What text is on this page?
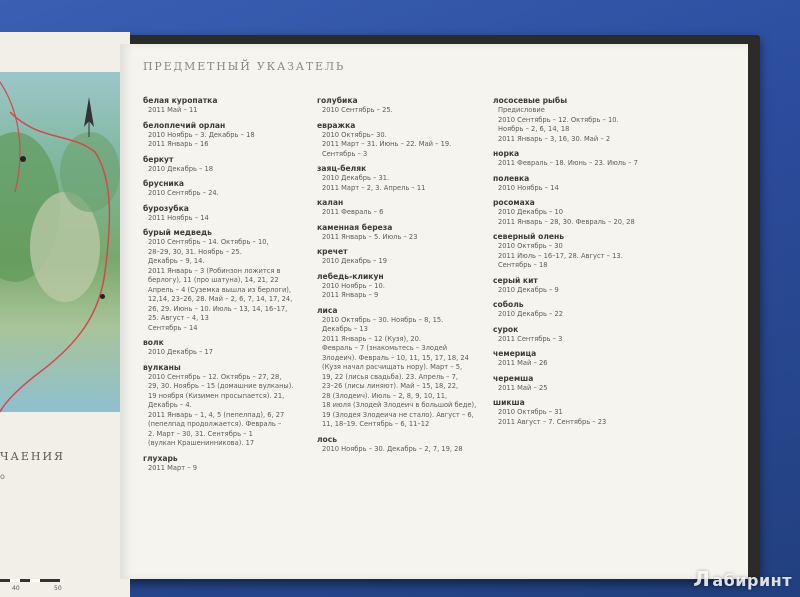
ЧАЕНИЯ
о
40	50
ПРЕДМЕТНЫЙ УКАЗАТЕЛЬ
белая куропатка
2011 Май – 11
белоплечий орлан
2010 Ноябрь – 3. Декабрь – 18
2011 Январь – 16
беркут
2010 Декабрь – 18
брусника
2010 Сентябрь – 24.
бурозубка
2011 Ноябрь – 14
бурый медведь
2010 Сентябрь – 14. Октябрь – 10,
28–29, 30, 31. Ноябрь – 25.
Декабрь – 9, 14.
2011 Январь – 3 (Робинзон ложится в
берлогу), 11 (про шатуна), 14, 21, 22
Апрель – 4 (Суземка вышла из берлоги),
12,14, 23–26, 28. Май – 2, 6, 7, 14, 17, 24,
26, 29. Июнь – 10. Июль – 13, 14, 16–17,
25. Август – 4, 13
Сентябрь – 14
волк
2010 Декабрь – 17
вулканы
2010 Сентябрь – 12. Октябрь – 27, 28,
29, 30. Ноябрь – 15 (домашние вулканы).
19 ноября (Кизимен просыпается). 21,
Декабрь – 4.
2011 Январь – 1, 4, 5 (пепелпад), 6, 27
(пепелпад продолжается). Февраль –
2. Март – 30, 31. Сентябрь – 1
(вулкан Крашенинникова). 17
глухарь
2011 Март – 9
голубика
2010 Сентябрь – 25.
евражка
2010 Октябрь– 30.
2011 Март – 31. Июнь – 22. Май – 19.
Сентябрь – 3
заяц-беляк
2010 Декабрь – 31.
2011 Март – 2, 3. Апрель – 11
калан
2011 Февраль – 6
каменная береза
2011 Январь – 5. Июль – 23
кречет
2010 Декабрь – 19
лебедь-кликун
2010 Ноябрь – 10.
2011 Январь – 9
лиса
2010 Октябрь – 30. Ноябрь – 8, 15.
Декабрь – 13
2011 Январь – 12 (Кузя), 20.
Февраль – 7 (знакомьтесь – Злодей
Злодеич). Февраль – 10, 11, 15, 17, 18, 24
(Кузя начал расчищать нору). Март – 5,
19, 22 (лисья свадьба). 23. Апрель – 7,
23–26 (лисы линяют). Май – 15, 18, 22,
28 (Злодеич). Июль – 2, 8, 9, 10, 11,
18 июля (Злодей Злодеич в большой беде),
19 (Злодея Злодеича не стало). Август – 6,
11, 18–19. Сентябрь – 6, 11–12
лось
2010 Ноябрь – 30. Декабрь – 2, 7, 19, 28
лососевые рыбы
Предисловие
2010 Сентябрь – 12. Октябрь – 10.
Ноябрь – 2, 6, 14, 18
2011 Январь – 3, 16, 30. Май – 2
норка
2011 Февраль – 18. Июнь – 23. Июль – 7
полевка
2010 Ноябрь – 14
росомаха
2010 Декабрь – 10
2011 Январь – 28, 30. Февраль – 20, 28
северный олень
2010 Октябрь – 30
2011 Июль – 16–17, 28. Август – 13.
Сентябрь – 18
серый кит
2010 Декабрь – 9
соболь
2010 Декабрь – 22
сурок
2011 Сентябрь – 3
чемерица
2011 Май – 26
черемша
2011 Май – 25
шикша
2010 Октябрь – 31
2011 Август – 7. Сентябрь – 23
Л абиринт
